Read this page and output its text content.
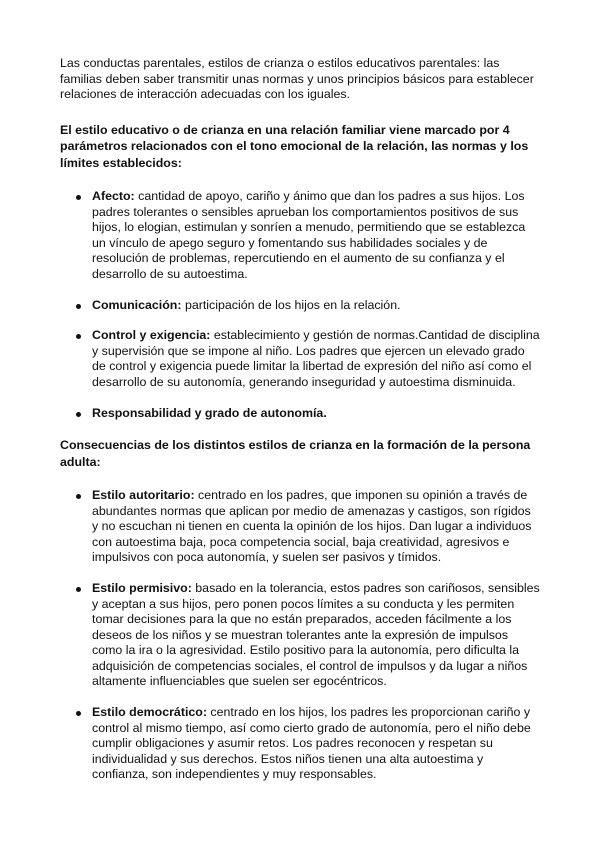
Las conductas parentales, estilos de crianza o estilos educativos parentales: las familias deben saber transmitir unas normas y unos principios básicos para establecer relaciones de interacción adecuadas con los iguales.

El estilo educativo o de crianza en una relación familiar viene marcado por 4 parámetros relacionados con el tono emocional de la relación, las normas y los límites establecidos:

Afecto: cantidad de apoyo, cariño y ánimo que dan los padres a sus hijos. Los padres tolerantes o sensibles aprueban los comportamientos positivos de sus hijos, lo elogian, estimulan y sonríen a menudo, permitiendo que se establezca un vínculo de apego seguro y fomentando sus habilidades sociales y de resolución de problemas, repercutiendo en el aumento de su confianza y el desarrollo de su autoestima.
Comunicación: participación de los hijos en la relación.
Control y exigencia: establecimiento y gestión de normas.Cantidad de disciplina y supervisión que se impone al niño. Los padres que ejercen un elevado grado de control y exigencia puede limitar la libertad de expresión del niño así como el desarrollo de su autonomía, generando inseguridad y autoestima disminuida.
Responsabilidad y grado de autonomía.

Consecuencias de los distintos estilos de crianza en la formación de la persona adulta:

Estilo autoritario: centrado en los padres, que imponen su opinión a través de abundantes normas que aplican por medio de amenazas y castigos, son rígidos y no escuchan ni tienen en cuenta la opinión de los hijos. Dan lugar a individuos con autoestima baja, poca competencia social, baja creatividad, agresivos e impulsivos con poca autonomía, y suelen ser pasivos y tímidos.
Estilo permisivo: basado en la tolerancia, estos padres son cariñosos, sensibles y aceptan a sus hijos, pero ponen pocos límites a su conducta y les permiten tomar decisiones para la que no están preparados, acceden fácilmente a los deseos de los niños y se muestran tolerantes ante la expresión de impulsos como la ira o la agresividad. Estilo positivo para la autonomía, pero dificulta la adquisición de competencias sociales, el control de impulsos y da lugar a niños altamente influenciables que suelen ser egocéntricos.
Estilo democrático: centrado en los hijos, los padres les proporcionan cariño y control al mismo tiempo, así como cierto grado de autonomía, pero el niño debe cumplir obligaciones y asumir retos. Los padres reconocen y respetan su individualidad y sus derechos. Estos niños tienen una alta autoestima y confianza, son independientes y muy responsables.
